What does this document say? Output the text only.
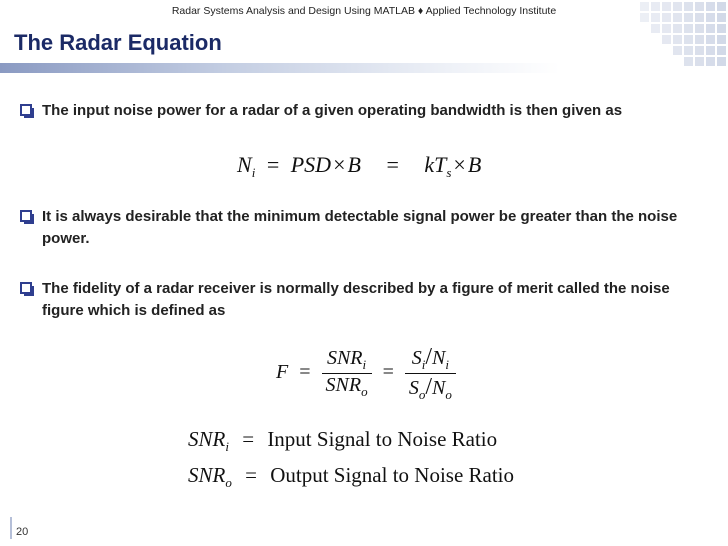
Radar Systems Analysis and Design Using MATLAB ♦ Applied Technology Institute
The Radar Equation
The input noise power for a radar of a given operating bandwidth is then given as
$N_i = PSD\times B = kT_s\times B$
It is always desirable that the minimum detectable signal power be greater than the noise power.
The fidelity of a radar receiver is normally described by a figure of merit called the noise figure which is defined as
$F = \frac{SNR_i}{SNR_o} = \frac{S_i/N_i}{S_o/N_o}$
$SNR_i$ = Input Signal to Noise Ratio
$SNR_o$ = Output Signal to Noise Ratio
20
